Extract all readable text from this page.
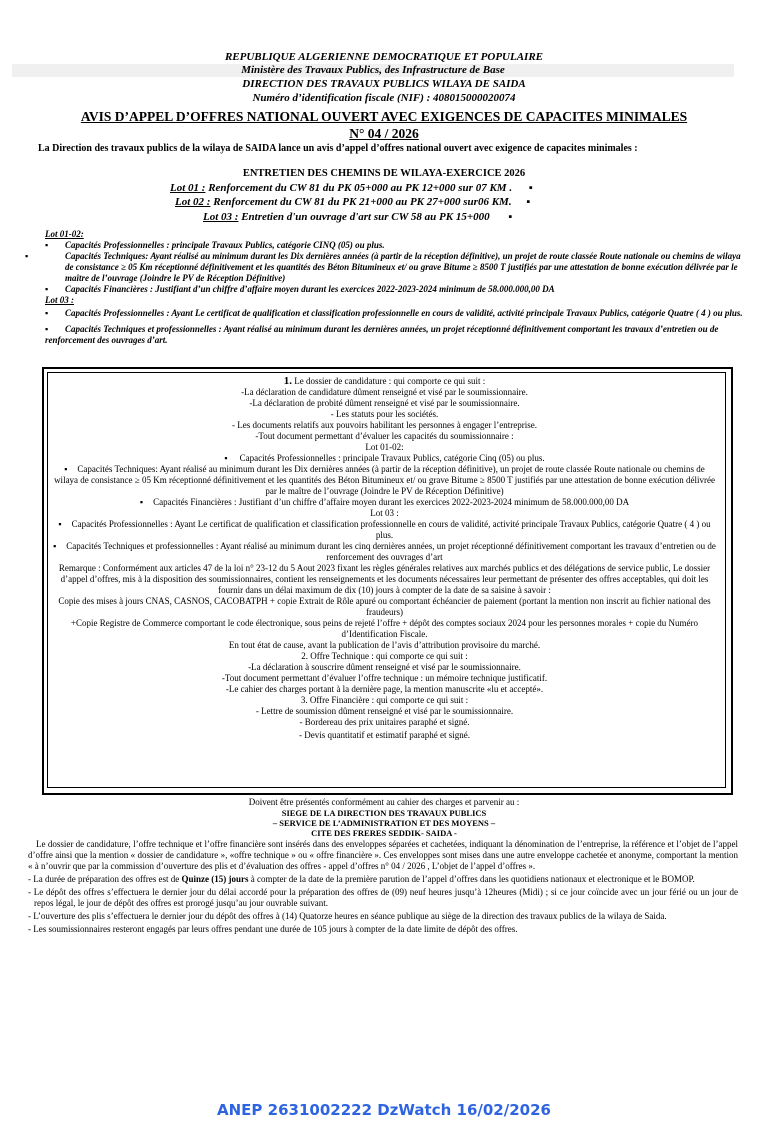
REPUBLIQUE ALGERIENNE DEMOCRATIQUE ET POPULAIRE
Ministère des Travaux Publics, des Infrastructure de Base
DIRECTION DES TRAVAUX PUBLICS WILAYA DE SAIDA
Numéro d’identification fiscale (NIF) : 408015000020074
AVIS D’APPEL D’OFFRES NATIONAL OUVERT AVEC EXIGENCES DE CAPACITES MINIMALES
N° 04 / 2026
La Direction des travaux publics de la wilaya de SAIDA lance un avis d’appel d’offres national ouvert avec exigence de capacites minimales :
ENTRETIEN DES CHEMINS DE WILAYA-EXERCICE 2026
Lot 01 : Renforcement du CW 81 du PK 05+000 au PK 12+000 sur 07 KM . ▪
Lot 02 : Renforcement du CW 81 du PK 21+000 au PK 27+000 sur06 KM. ▪
Lot 03 : Entretien d'un ouvrage d'art sur CW 58 au PK 15+000 ▪

Lot 01-02:

▪ Capacités Professionnelles : principale Travaux Publics, catégorie CINQ (05) ou plus.

▪	Capacités Techniques: Ayant réalisé au minimum durant les Dix dernières années (à partir de la réception définitive), un projet de route classée Route nationale ou chemins de wilaya de consistance ≥ 05 Km réceptionné définitivement et les quantités des Béton Bitumineux et/ ou grave Bitume ≥ 8500 T justifiés par une attestation de bonne exécution délivrée par le maître de l’ouvrage (Joindre le PV de Réception Définitive)

▪ Capacités Financières : Justifiant d’un chiffre d’affaire moyen durant les exercices 2022-2023-2024 minimum de 58.000.000,00 DA

Lot 03 :

▪ Capacités Professionnelles : Ayant Le certificat de qualification et classification professionnelle en cours de validité, activité principale Travaux Publics, catégorie Quatre ( 4 ) ou plus.

▪ Capacités Techniques et professionnelles : Ayant réalisé au minimum durant les dernières années, un projet réceptionné définitivement comportant les travaux d’entretien ou de renforcement des ouvrages d’art.

1. Le dossier de candidature : qui comporte ce qui suit :

-La déclaration de candidature dûment renseigné et visé par le soumissionnaire.

-La déclaration de probité dûment renseigné et visé par le soumissionnaire.

- Les statuts pour les sociétés.

- Les documents relatifs aux pouvoirs habilitant les personnes à engager l’entreprise.

-Tout document permettant d’évaluer les capacités du soumissionnaire :

Lot 01-02:

▪ Capacités Professionnelles : principale Travaux Publics, catégorie Cinq (05) ou plus.

▪ Capacités Techniques: Ayant réalisé au minimum durant les Dix dernières années (à partir de la réception définitive), un projet de route classée Route nationale ou chemins de wilaya de consistance ≥ 05 Km réceptionné définitivement et les quantités des Béton Bitumineux et/ ou grave Bitume ≥ 8500 T justifiés par une attestation de bonne exécution délivrée par le maître de l’ouvrage (Joindre le PV de Réception Définitive)

▪ Capacités Financières : Justifiant d’un chiffre d’affaire moyen durant les exercices 2022-2023-2024 minimum de 58.000.000,00 DA

Lot 03 :

▪ Capacités Professionnelles : Ayant Le certificat de qualification et classification professionnelle en cours de validité, activité principale Travaux Publics, catégorie Quatre ( 4 ) ou plus.

▪ Capacités Techniques et professionnelles : Ayant réalisé au minimum durant les cinq dernières années, un projet réceptionné définitivement comportant les travaux d’entretien ou de renforcement des ouvrages d’art

Remarque : Conformément aux articles 47 de la loi n° 23-12 du 5 Aout 2023 fixant les règles générales relatives aux marchés publics et des délégations de service public, Le dossier d’appel d’offres, mis à la disposition des soumissionnaires, contient les renseignements et les documents nécessaires leur permettant de présenter des offres acceptables, qui doit les fournir dans un délai maximum de dix (10) jours à compter de la date de sa saisine à savoir :

Copie des mises à jours CNAS, CASNOS, CACOBATPH + copie Extrait de Rôle apuré ou comportant échéancier de paiement (portant la mention non inscrit au fichier national des fraudeurs)

+Copie Registre de Commerce comportant le code électronique, sous peins de rejeté l’offre + dépôt des comptes sociaux 2024 pour les personnes morales + copie du Numéro d’Identification Fiscale.

En tout état de cause, avant la publication de l’avis d’attribution provisoire du marché.

2. Offre Technique : qui comporte ce qui suit :

-La déclaration à souscrire dûment renseigné et visé par le soumissionnaire.

-Tout document permettant d’évaluer l’offre technique : un mémoire technique justificatif.

-Le cahier des charges portant à la dernière page, la mention manuscrite «lu et accepté».

3. Offre Financière : qui comporte ce qui suit :

- Lettre de soumission dûment renseigné et visé par le soumissionnaire.

- Bordereau des prix unitaires paraphé et signé.

- Devis quantitatif et estimatif paraphé et signé.

Doivent être présentés conformément au cahier des charges et parvenir au :
SIEGE DE LA DIRECTION DES TRAVAUX PUBLICS
– SERVICE DE L’ADMINISTRATION ET DES MOYENS –
CITE DES FRERES SEDDIK- SAIDA -

Le dossier de candidature, l’offre technique et l’offre financière sont insérés dans des enveloppes séparées et cachetées, indiquant la dénomination de l’entreprise, la référence et l’objet de l’appel d’offre ainsi que la mention « dossier de candidature », «offre technique » ou « offre financière ». Ces enveloppes sont mises dans une autre enveloppe cachetée et anonyme, comportant la mention « à n’ouvrir que par la commission d’ouverture des plis et d’évaluation des offres - appel d’offres n° 04 / 2026 , L’objet de l’appel d’offres ».

- La durée de préparation des offres est de Quinze (15) jours à compter de la date de la première parution de l’appel d’offres dans les quotidiens nationaux et electronique et le BOMOP.

- Le dépôt des offres s’effectuera le dernier jour du délai accordé pour la préparation des offres de (09) neuf heures jusqu’à 12heures (Midi) ; si ce jour coïncide avec un jour férié ou un jour de repos légal, le jour de dépôt des offres est prorogé jusqu’au jour ouvrable suivant.

- L’ouverture des plis s’effectuera le dernier jour du dépôt des offres à (14) Quatorze heures en séance publique au siège de la direction des travaux publics de la wilaya de Saida.

- Les soumissionnaires resteront engagés par leurs offres pendant une durée de 105 jours à compter de la date limite de dépôt des offres.

ANEP 2631002222 DzWatch 16/02/2026
